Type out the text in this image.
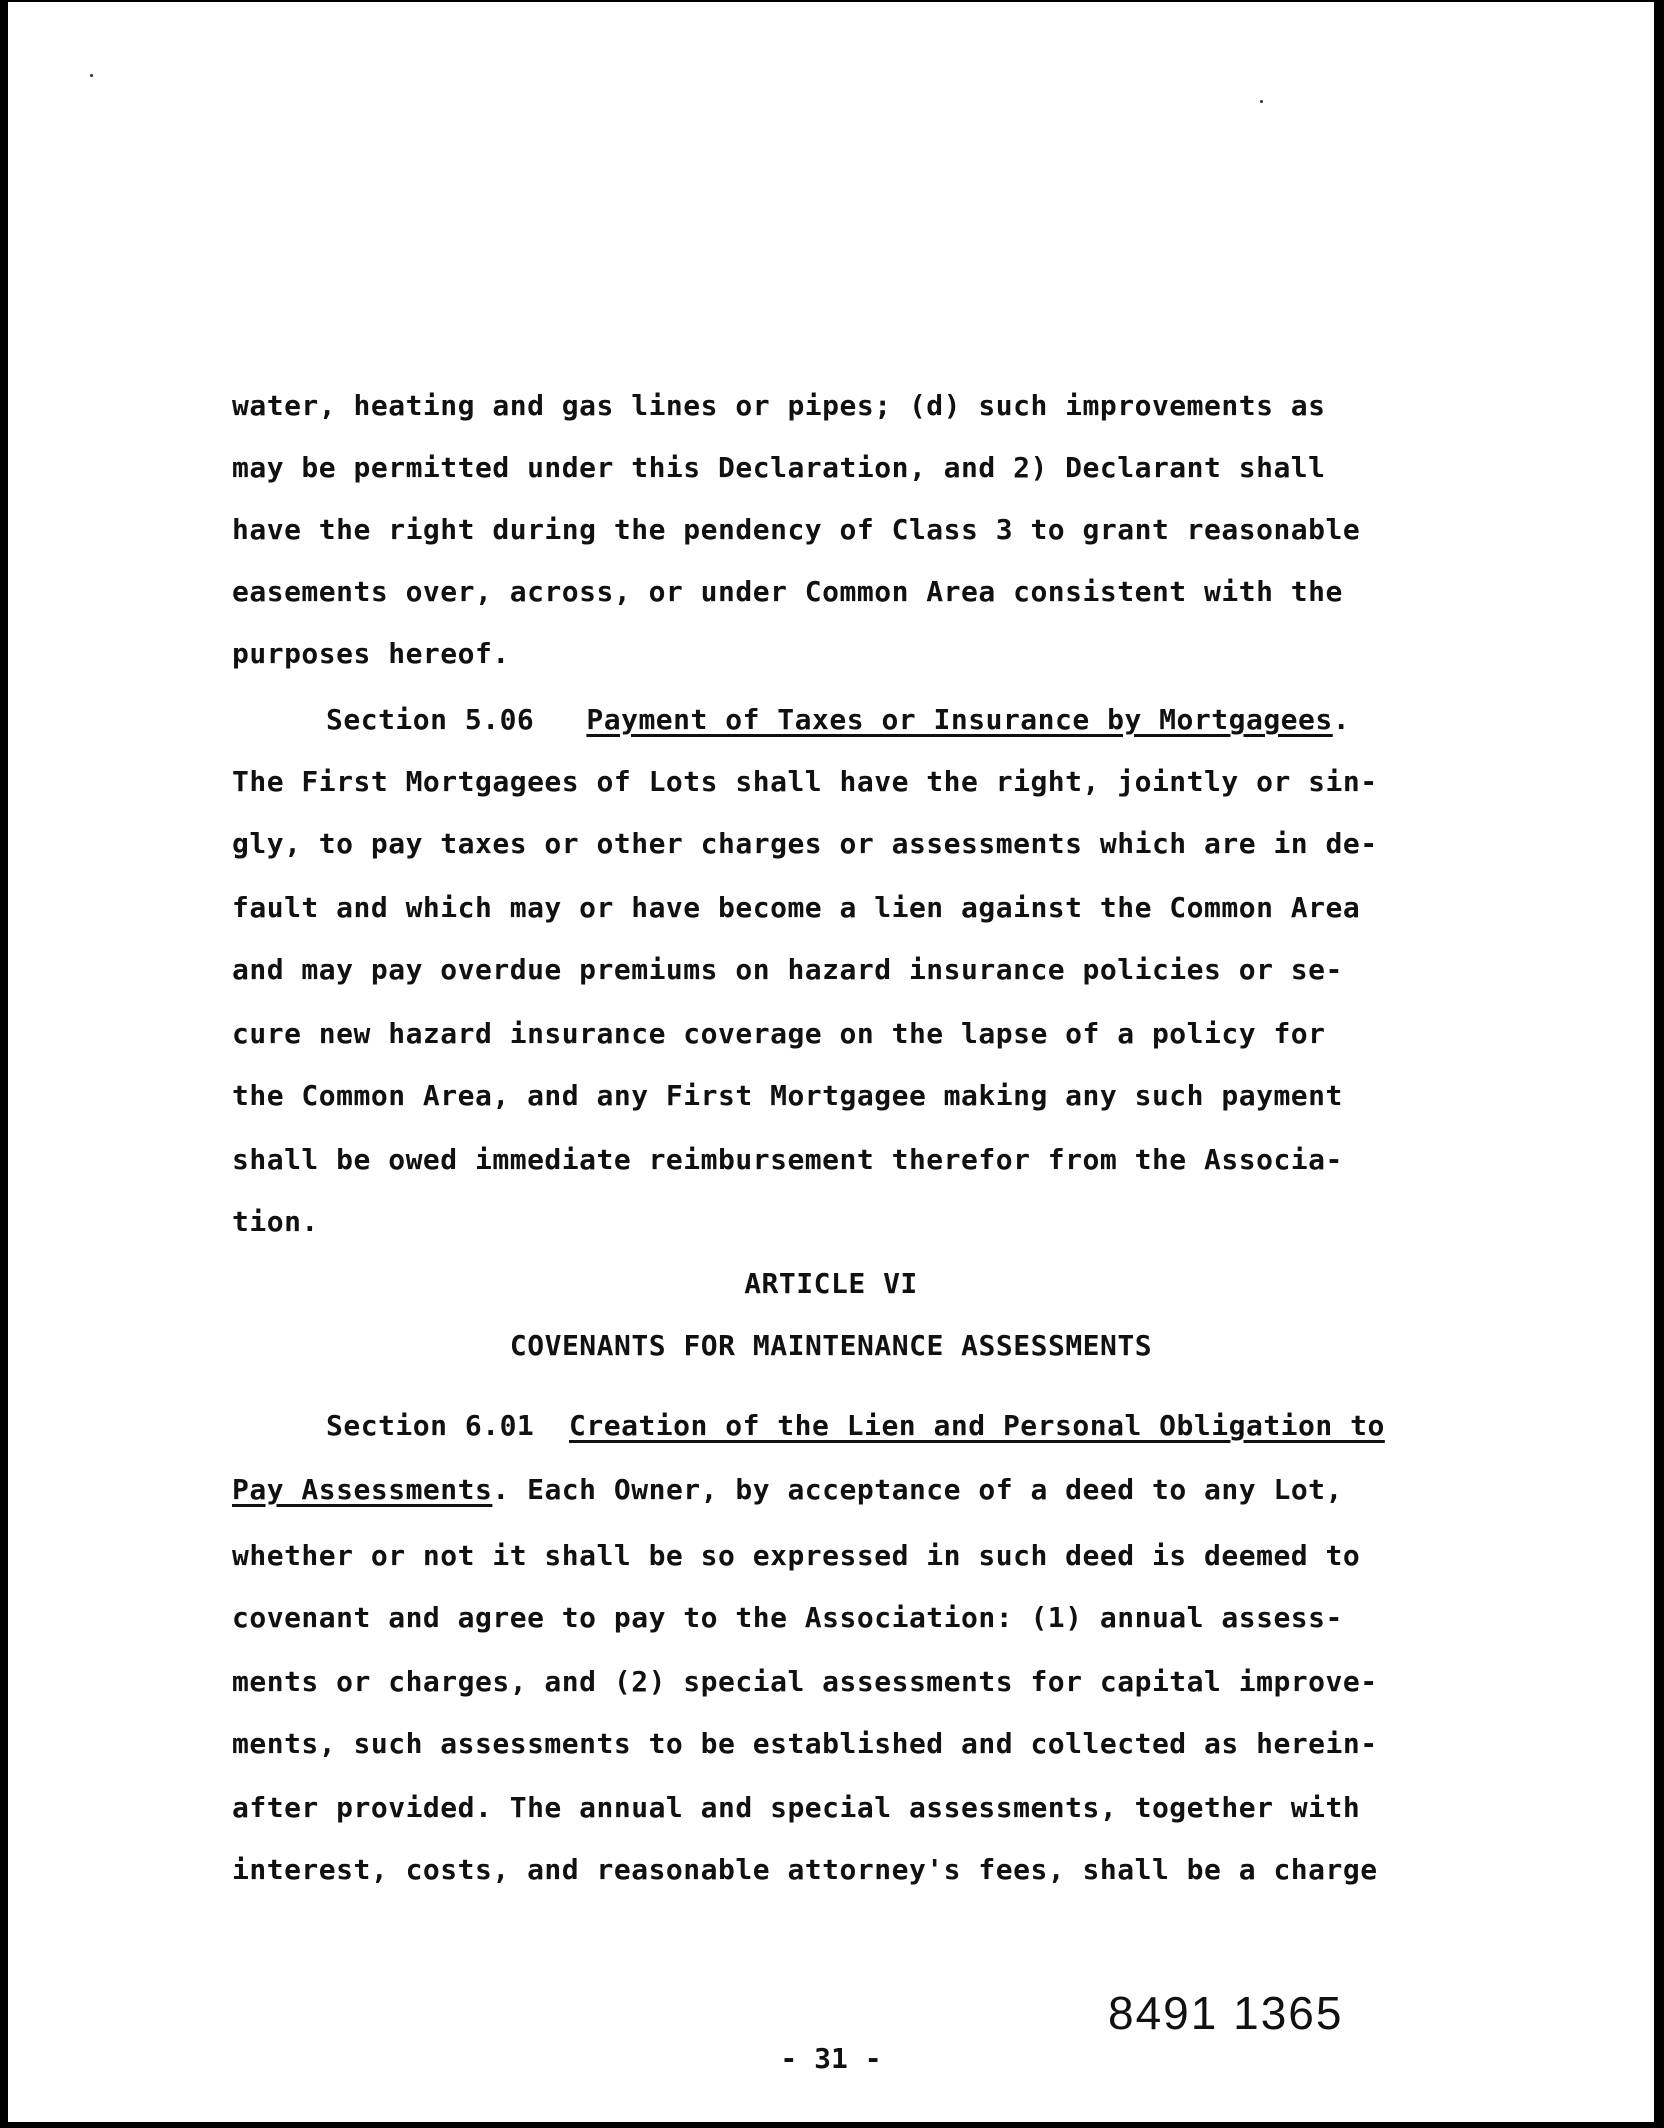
water, heating and gas lines or pipes; (d) such improvements as
may be permitted under this Declaration, and 2) Declarant shall
have the right during the pendency of Class 3 to grant reasonable
easements over, across, or under Common Area consistent with the
purposes hereof.
Section 5.06 Payment of Taxes or Insurance by Mortgagees.
The First Mortgagees of Lots shall have the right, jointly or sin-
gly, to pay taxes or other charges or assessments which are in de-
fault and which may or have become a lien against the Common Area
and may pay overdue premiums on hazard insurance policies or se-
cure new hazard insurance coverage on the lapse of a policy for
the Common Area, and any First Mortgagee making any such payment
shall be owed immediate reimbursement therefor from the Associa-
tion.
ARTICLE VI
COVENANTS FOR MAINTENANCE ASSESSMENTS
Section 6.01 Creation of the Lien and Personal Obligation to
Pay Assessments. Each Owner, by acceptance of a deed to any Lot,
whether or not it shall be so expressed in such deed is deemed to
covenant and agree to pay to the Association: (1) annual assess-
ments or charges, and (2) special assessments for capital improve-
ments, such assessments to be established and collected as herein-
after provided. The annual and special assessments, together with
interest, costs, and reasonable attorney's fees, shall be a charge
8491 1365
- 31 -
